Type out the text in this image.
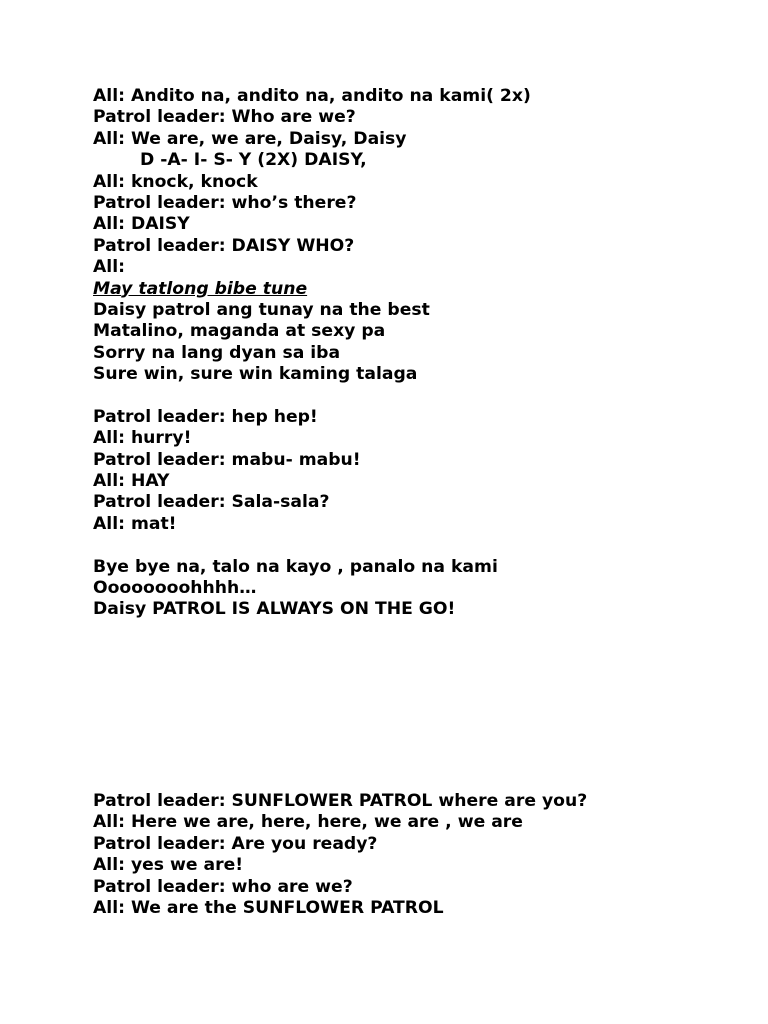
All: Andito na, andito na, andito na kami( 2x)
Patrol leader: Who are we?
All: We are, we are, Daisy, Daisy
D -A- I- S- Y (2X) DAISY,
All: knock, knock
Patrol leader: who’s there?
All: DAISY
Patrol leader: DAISY WHO?
All:
May tatlong bibe tune
Daisy patrol ang tunay na the best
Matalino, maganda at sexy pa
Sorry na lang dyan sa iba
Sure win, sure win kaming talaga
Patrol leader: hep hep!
All: hurry!
Patrol leader: mabu- mabu!
All: HAY
Patrol leader: Sala-sala?
All: mat!
Bye bye na, talo na kayo , panalo na kami
Oooooooohhhh…
Daisy PATROL IS ALWAYS ON THE GO!
Patrol leader: SUNFLOWER PATROL where are you?
All: Here we are, here, here, we are , we are
Patrol leader: Are you ready?
All: yes we are!
Patrol leader: who are we?
All: We are the SUNFLOWER PATROL
